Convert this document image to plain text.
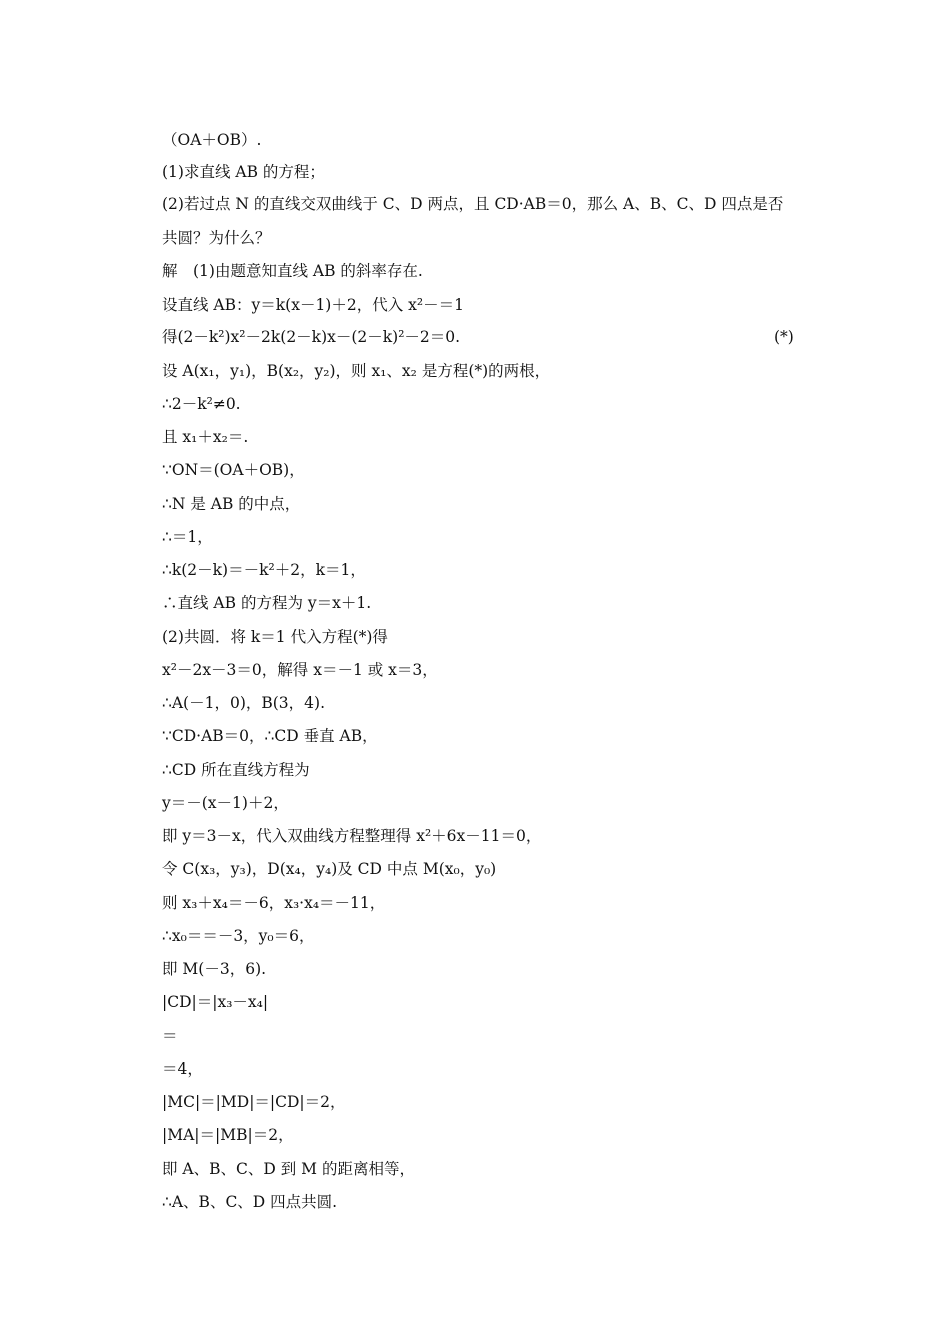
（OA＋OB）.
(1)求直线 AB 的方程；
(2)若过点 N 的直线交双曲线于 C、D 两点，且 CD·AB＝0，那么 A、B、C、D 四点是否
共圆？为什么？
解　(1)由题意知直线 AB 的斜率存在.
设直线 AB：y＝k(x－1)＋2，代入 x²－＝1
得(2－k²)x²－2k(2－k)x－(2－k)²－2＝0.	(*)
设 A(x₁，y₁)，B(x₂，y₂)，则 x₁、x₂ 是方程(*)的两根，
∴2－k²≠0.
且 x₁＋x₂＝.
∵ON＝(OA＋OB)，
∴N 是 AB 的中点，
∴＝1，
∴k(2－k)＝－k²＋2，k＝1，
∴直线 AB 的方程为 y＝x＋1.
(2)共圆．将 k＝1 代入方程(*)得
x²－2x－3＝0，解得 x＝－1 或 x＝3，
∴A(－1，0)，B(3，4).
∵CD·AB＝0，∴CD 垂直 AB，
∴CD 所在直线方程为
y＝－(x－1)＋2，
即 y＝3－x，代入双曲线方程整理得 x²＋6x－11＝0，
令 C(x₃，y₃)，D(x₄，y₄)及 CD 中点 M(x₀，y₀)
则 x₃＋x₄＝－6，x₃·x₄＝－11，
∴x₀＝＝－3，y₀＝6，
即 M(－3，6).
|CD|＝|x₃－x₄|
＝
＝4，
|MC|＝|MD|＝|CD|＝2，
|MA|＝|MB|＝2，
即 A、B、C、D 到 M 的距离相等，
∴A、B、C、D 四点共圆.
